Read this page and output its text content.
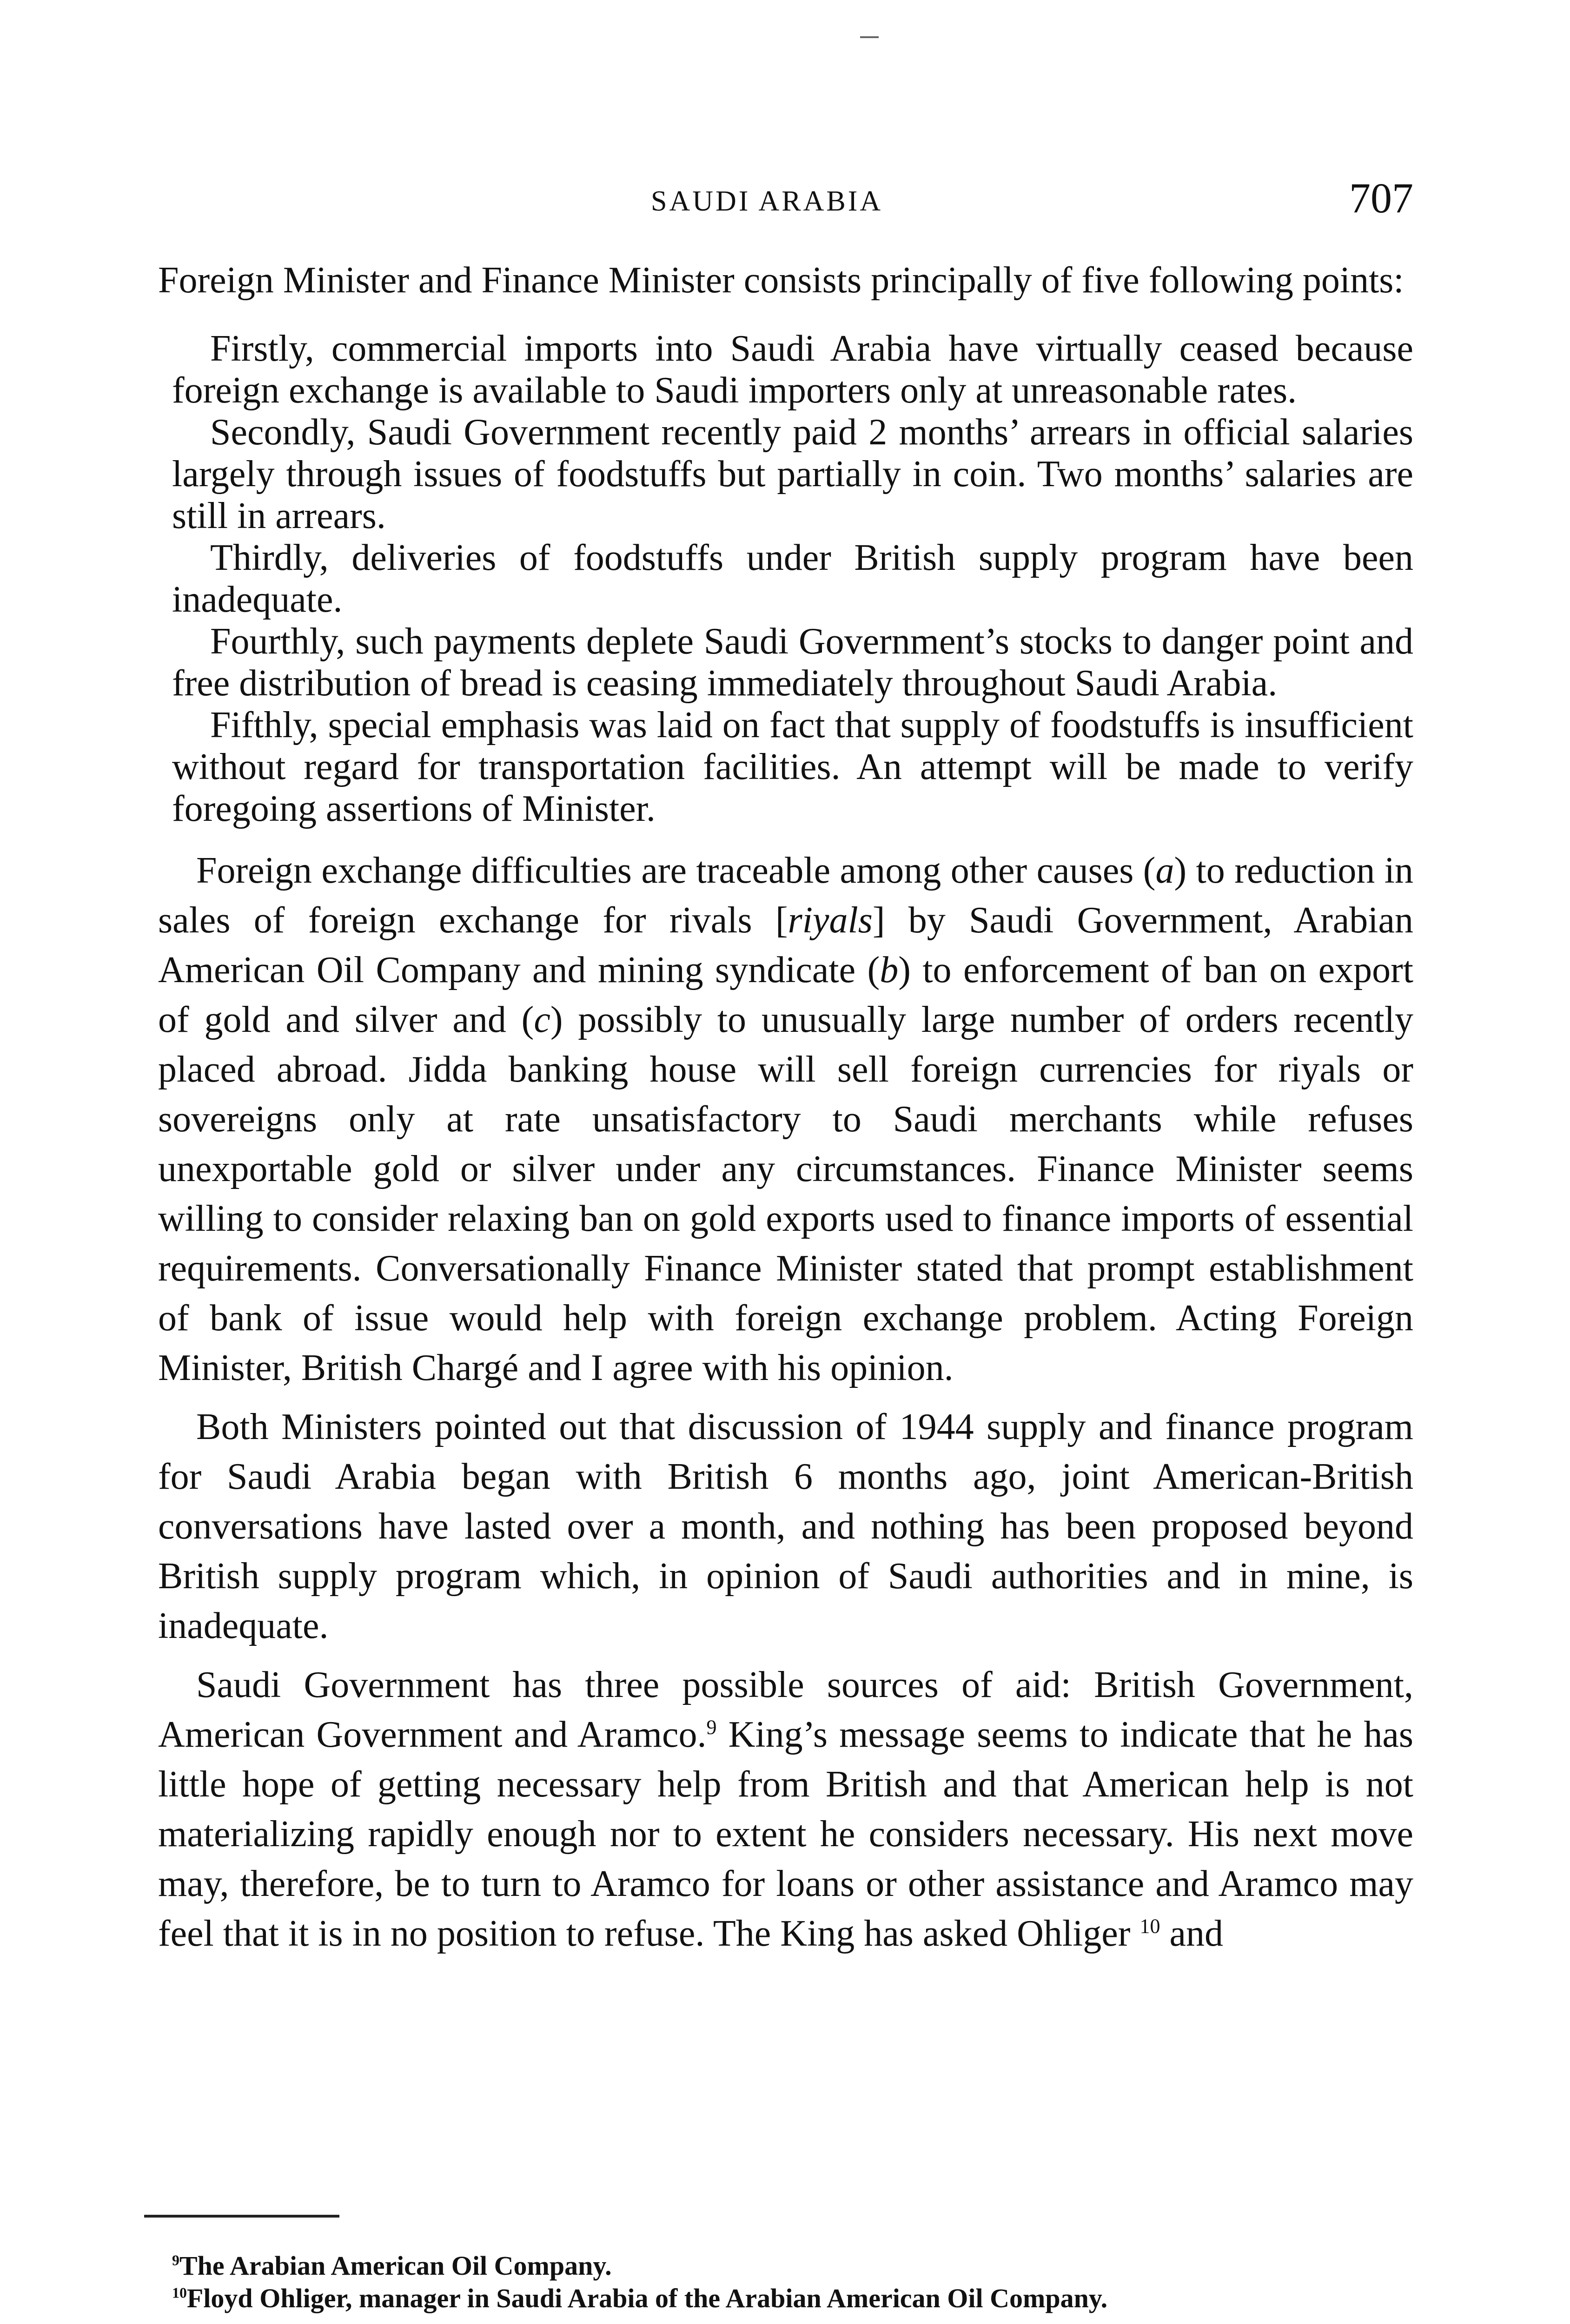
SAUDI ARABIA	707

Foreign Minister and Finance Minister consists principally of five following points:

Firstly, commercial imports into Saudi Arabia have virtually ceased because foreign exchange is available to Saudi importers only at unreasonable rates.

Secondly, Saudi Government recently paid 2 months’ arrears in official salaries largely through issues of foodstuffs but partially in coin. Two months’ salaries are still in arrears.

Thirdly, deliveries of foodstuffs under British supply program have been inadequate.

Fourthly, such payments deplete Saudi Government’s stocks to danger point and free distribution of bread is ceasing immediately throughout Saudi Arabia.

Fifthly, special emphasis was laid on fact that supply of foodstuffs is insufficient without regard for transportation facilities. An attempt will be made to verify foregoing assertions of Minister.

Foreign exchange difficulties are traceable among other causes (a) to reduction in sales of foreign exchange for rivals [riyals] by Saudi Government, Arabian American Oil Company and mining syndicate (b) to enforcement of ban on export of gold and silver and (c) possibly to unusually large number of orders recently placed abroad. Jidda banking house will sell foreign currencies for riyals or sovereigns only at rate unsatisfactory to Saudi merchants while refuses unexportable gold or silver under any circumstances. Finance Minister seems willing to consider relaxing ban on gold exports used to finance imports of essential requirements. Conversationally Finance Minister stated that prompt establishment of bank of issue would help with foreign exchange problem. Acting Foreign Minister, British Chargé and I agree with his opinion.

Both Ministers pointed out that discussion of 1944 supply and finance program for Saudi Arabia began with British 6 months ago, joint American-British conversations have lasted over a month, and nothing has been proposed beyond British supply program which, in opinion of Saudi authorities and in mine, is inadequate.

Saudi Government has three possible sources of aid: British Government, American Government and Aramco.$^9$ King’s message seems to indicate that he has little hope of getting necessary help from British and that American help is not materializing rapidly enough nor to extent he considers necessary. His next move may, therefore, be to turn to Aramco for loans or other assistance and Aramco may feel that it is in no position to refuse. The King has asked Ohliger $^{10}$ and

$^9$The Arabian American Oil Company.

$^{10}$Floyd Ohliger, manager in Saudi Arabia of the Arabian American Oil Company.
